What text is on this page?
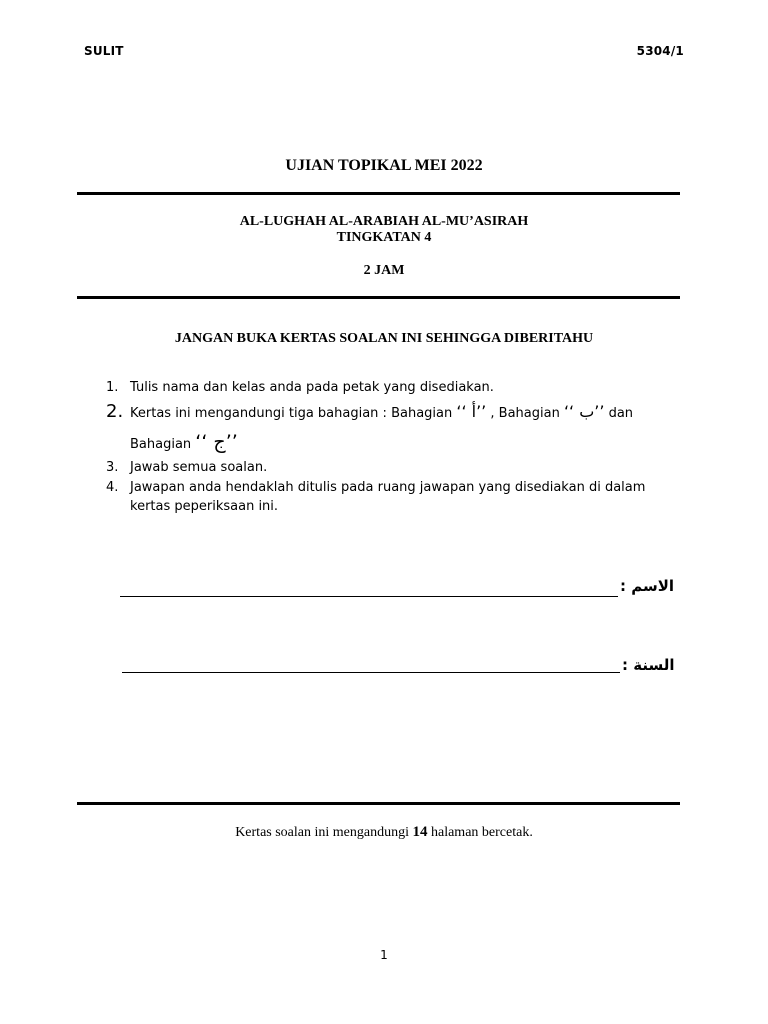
SULIT	5304/1
UJIAN TOPIKAL MEI 2022
AL-LUGHAH AL-ARABIAH AL-MU’ASIRAH
TINGKATAN 4
2 JAM
JANGAN BUKA KERTAS SOALAN INI SEHINGGA DIBERITAHU
1. Tulis nama dan kelas anda pada petak yang disediakan.
2. Kertas ini mengandungi tiga bahagian : Bahagian ‘‘ أ’’ , Bahagian ‘‘ ب’’ dan
Bahagian ‘‘ ج’’
3. Jawab semua soalan.
4. Jawapan anda hendaklah ditulis pada ruang jawapan yang disediakan di dalam
kertas peperiksaan ini.
: الاسم
: السنة
Kertas soalan ini mengandungi 14 halaman bercetak.
1
